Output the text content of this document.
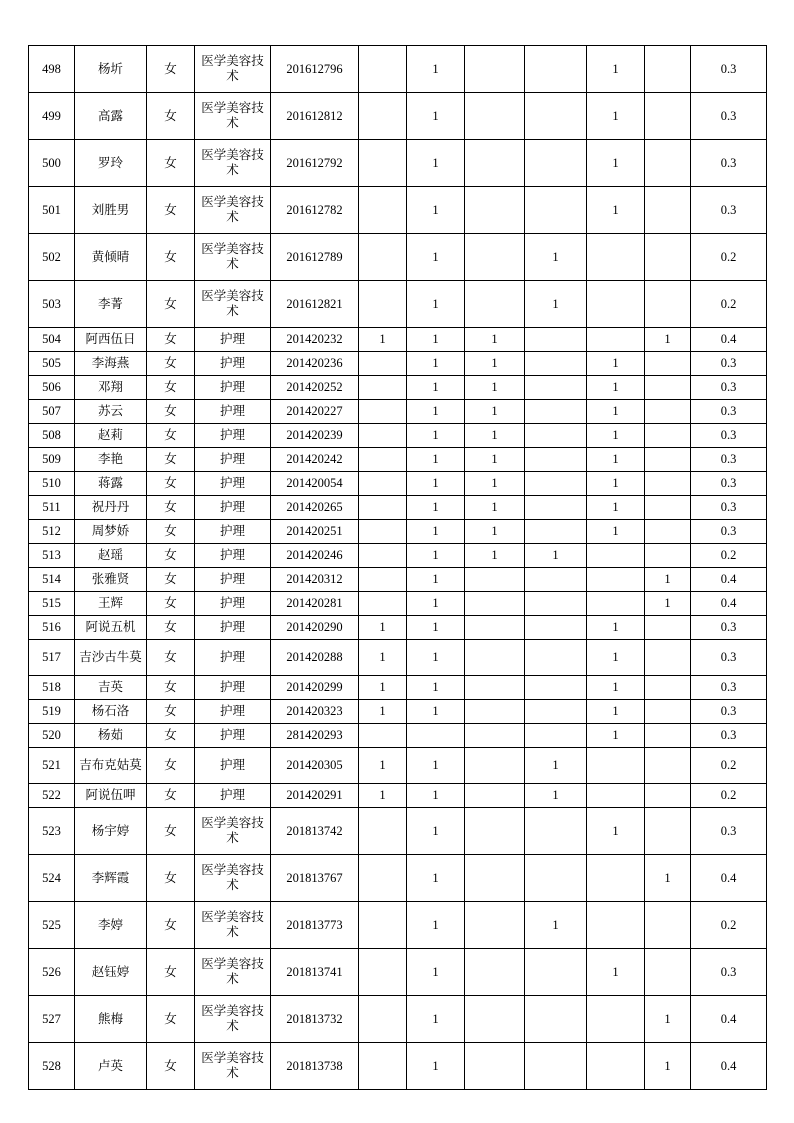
498	杨圻	女	医学美容技术	201612796		1			1		0.3
499	高露	女	医学美容技术	201612812		1			1		0.3
500	罗玲	女	医学美容技术	201612792		1			1		0.3
501	刘胜男	女	医学美容技术	201612782		1			1		0.3
502	黄倾晴	女	医学美容技术	201612789		1		1			0.2
503	李菁	女	医学美容技术	201612821		1		1			0.2
504	阿西伍日	女	护理	201420232	1	1	1			1	0.4
505	李海燕	女	护理	201420236		1	1		1		0.3
506	邓翔	女	护理	201420252		1	1		1		0.3
507	苏云	女	护理	201420227		1	1		1		0.3
508	赵莉	女	护理	201420239		1	1		1		0.3
509	李艳	女	护理	201420242		1	1		1		0.3
510	蒋露	女	护理	201420054		1	1		1		0.3
511	祝丹丹	女	护理	201420265		1	1		1		0.3
512	周梦娇	女	护理	201420251		1	1		1		0.3
513	赵瑶	女	护理	201420246		1	1	1			0.2
514	张雅贤	女	护理	201420312		1				1	0.4
515	王辉	女	护理	201420281		1				1	0.4
516	阿说五机	女	护理	201420290	1	1			1		0.3
517	吉沙古牛莫	女	护理	201420288	1	1			1		0.3
518	吉英	女	护理	201420299	1	1			1		0.3
519	杨石洛	女	护理	201420323	1	1			1		0.3
520	杨茹	女	护理	281420293					1		0.3
521	吉布克姑莫	女	护理	201420305	1	1		1			0.2
522	阿说伍呷	女	护理	201420291	1	1		1			0.2
523	杨宇婷	女	医学美容技术	201813742		1			1		0.3
524	李辉霞	女	医学美容技术	201813767		1				1	0.4
525	李婷	女	医学美容技术	201813773		1		1			0.2
526	赵钰婷	女	医学美容技术	201813741		1			1		0.3
527	熊梅	女	医学美容技术	201813732		1				1	0.4
528	卢英	女	医学美容技术	201813738		1				1	0.4
